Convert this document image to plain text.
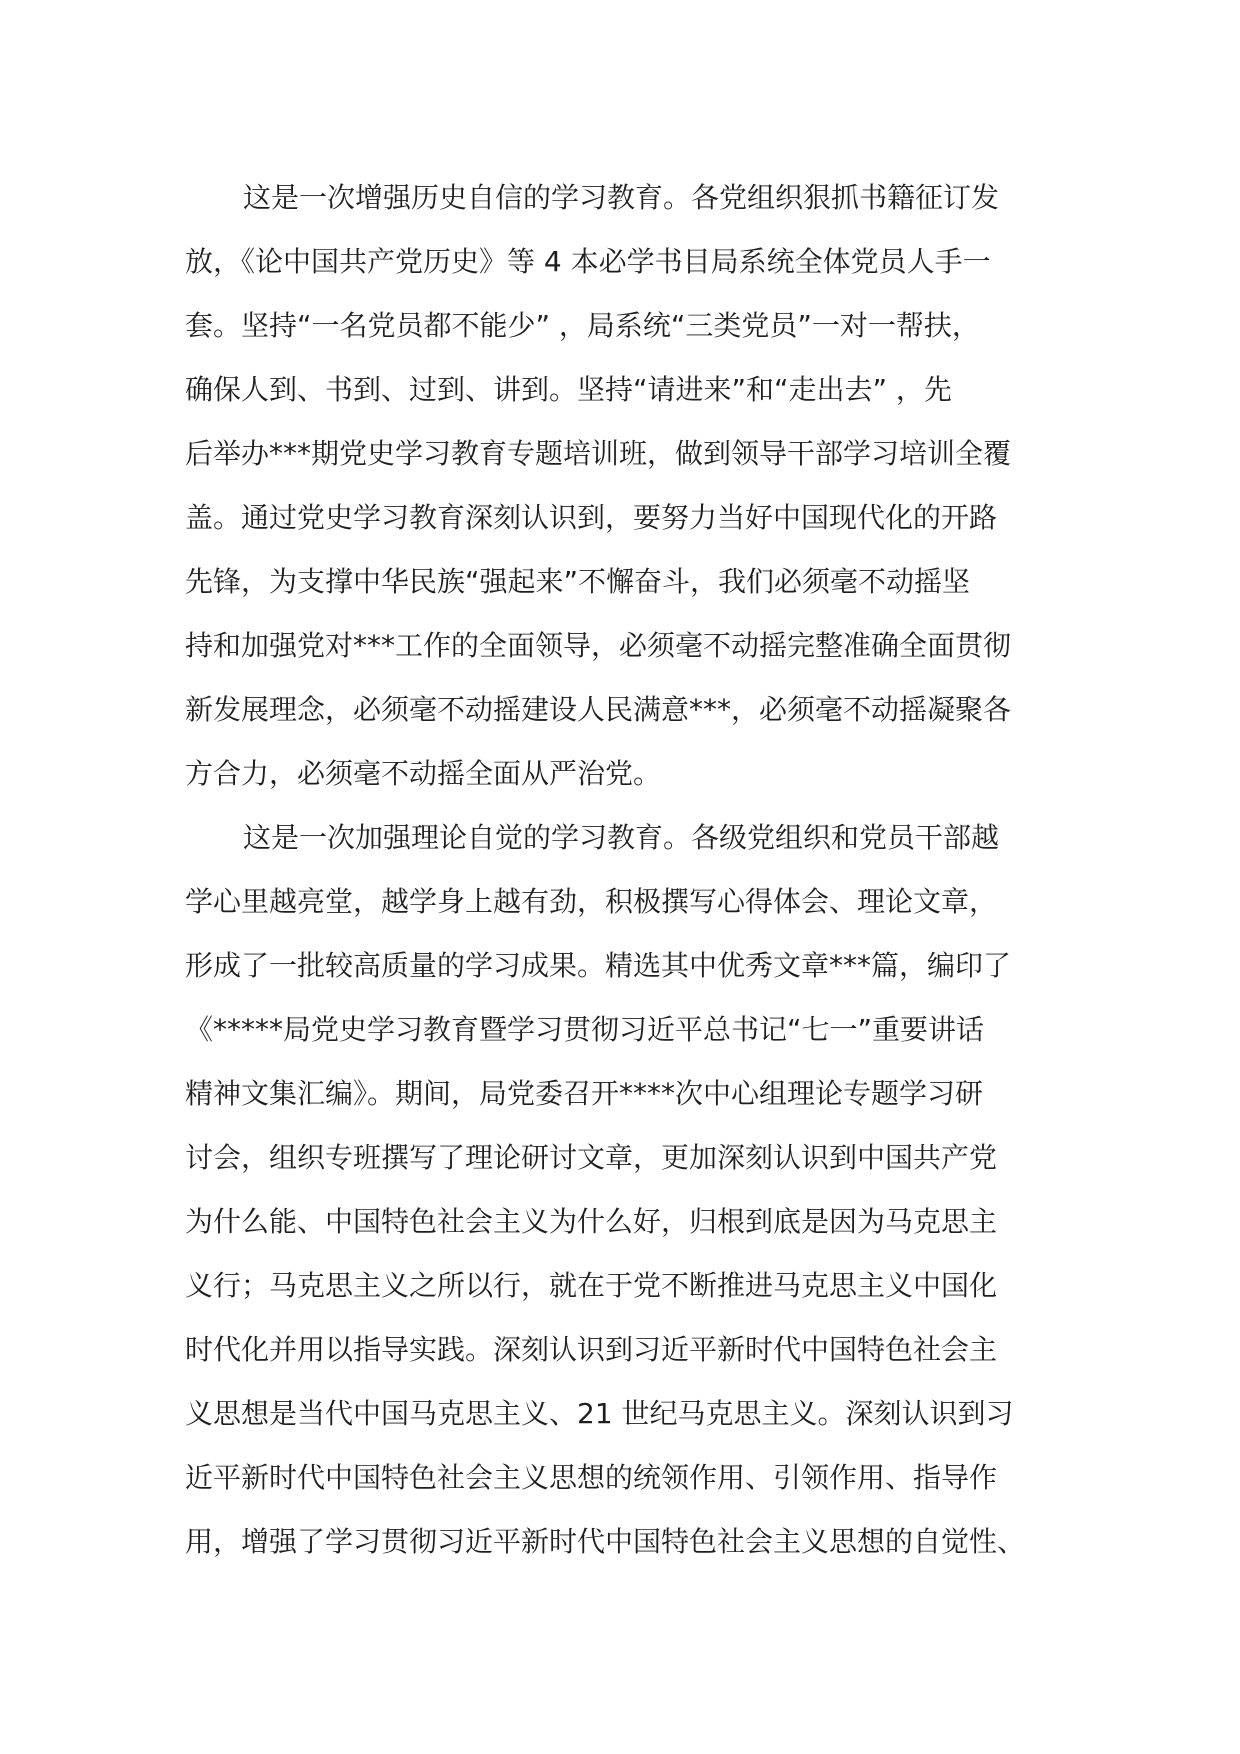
这是一次增强历史自信的学习教育。各党组织狠抓书籍征订发
放，《论中国共产党历史》等 4 本必学书目局系统全体党员人手一
套。坚持“一名党员都不能少” ，局系统“三类党员”一对一帮扶，
确保人到、书到、过到、讲到。坚持“请进来”和“走出去” ，先
后举办***期党史学习教育专题培训班，做到领导干部学习培训全覆
盖。通过党史学习教育深刻认识到，要努力当好中国现代化的开路
先锋，为支撑中华民族“强起来”不懈奋斗，我们必须毫不动摇坚
持和加强党对***工作的全面领导，必须毫不动摇完整准确全面贯彻
新发展理念，必须毫不动摇建设人民满意***，必须毫不动摇凝聚各
方合力，必须毫不动摇全面从严治党。
这是一次加强理论自觉的学习教育。各级党组织和党员干部越
学心里越亮堂，越学身上越有劲，积极撰写心得体会、理论文章，
形成了一批较高质量的学习成果。精选其中优秀文章***篇，编印了
《*****局党史学习教育暨学习贯彻习近平总书记“七一”重要讲话
精神文集汇编》。期间，局党委召开****次中心组理论专题学习研
讨会，组织专班撰写了理论研讨文章，更加深刻认识到中国共产党
为什么能、中国特色社会主义为什么好，归根到底是因为马克思主
义行；马克思主义之所以行，就在于党不断推进马克思主义中国化
时代化并用以指导实践。深刻认识到习近平新时代中国特色社会主
义思想是当代中国马克思主义、21 世纪马克思主义。深刻认识到习
近平新时代中国特色社会主义思想的统领作用、引领作用、指导作
用，增强了学习贯彻习近平新时代中国特色社会主义思想的自觉性、
